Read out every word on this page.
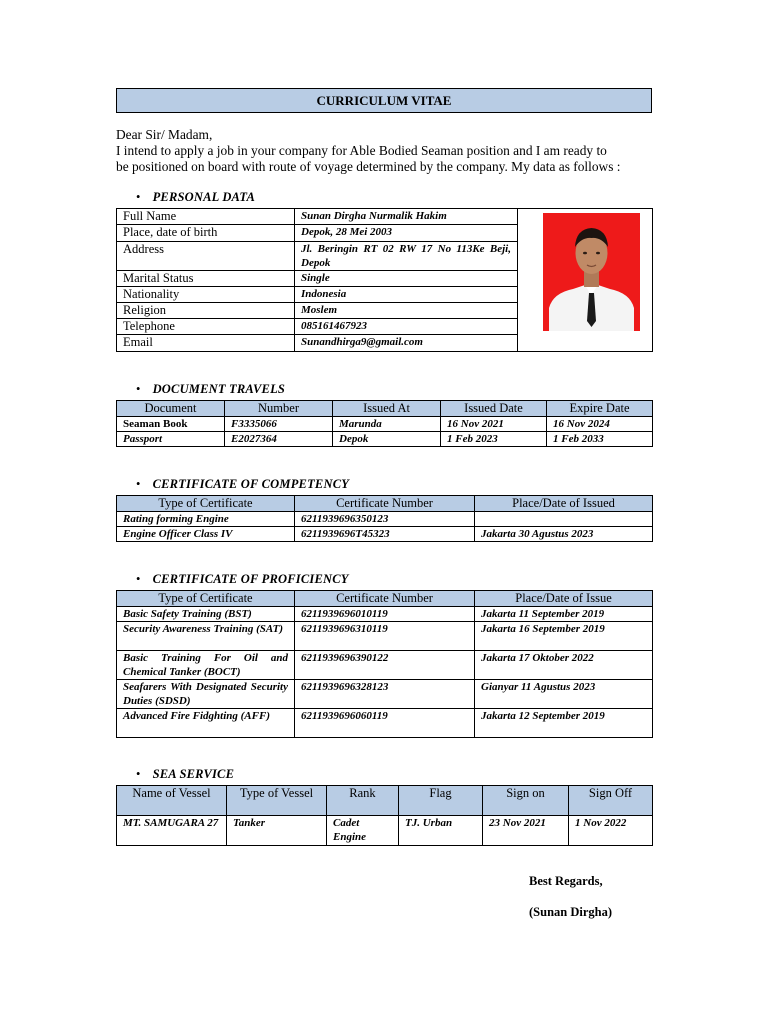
CURRICULUM VITAE
Dear Sir/ Madam,
I intend to apply a job in your company for Able Bodied Seaman position and I am ready to
be positioned on board with route of voyage determined by the company. My data as follows :
• PERSONAL DATA
Full Name	Sunan Dirgha Nurmalik Hakim	

Place, date of birth	Depok, 28 Mei 2003	
Address	Jl. Beringin RT 02 RW 17 No 113Ke Beji, Depok	
Marital Status	Single	
Nationality	Indonesia	
Religion	Moslem	
Telephone	085161467923	
Email	Sunandhirga9@gmail.com	
• DOCUMENT TRAVELS
Document	Number	Issued At	Issued Date	Expire Date
Seaman Book	F3335066	Marunda	16 Nov 2021	16 Nov 2024
Passport	E2027364	Depok	1 Feb 2023	1 Feb 2033
• CERTIFICATE OF COMPETENCY
Type of Certificate	Certificate Number	Place/Date of Issued
Rating forming Engine	6211939696350123	
Engine Officer Class IV	6211939696T45323	Jakarta 30 Agustus 2023
• CERTIFICATE OF PROFICIENCY
Type of Certificate	Certificate Number	Place/Date of Issue
Basic Safety Training (BST)	6211939696010119	Jakarta 11 September 2019
Security Awareness Training (SAT)	6211939696310119	Jakarta 16 September 2019
Basic Training For Oil and Chemical Tanker (BOCT)	6211939696390122	Jakarta 17 Oktober 2022
Seafarers With Designated Security Duties (SDSD)	6211939696328123	Gianyar 11 Agustus 2023
Advanced Fire Fidghting (AFF)	6211939696060119	Jakarta 12 September 2019
• SEA SERVICE
Name of Vessel	Type of Vessel	Rank	Flag	Sign on	Sign Off
MT. SAMUGARA 27	Tanker	Cadet Engine	TJ. Urban	23 Nov 2021	1 Nov 2022
Best Regards,
(Sunan Dirgha)
